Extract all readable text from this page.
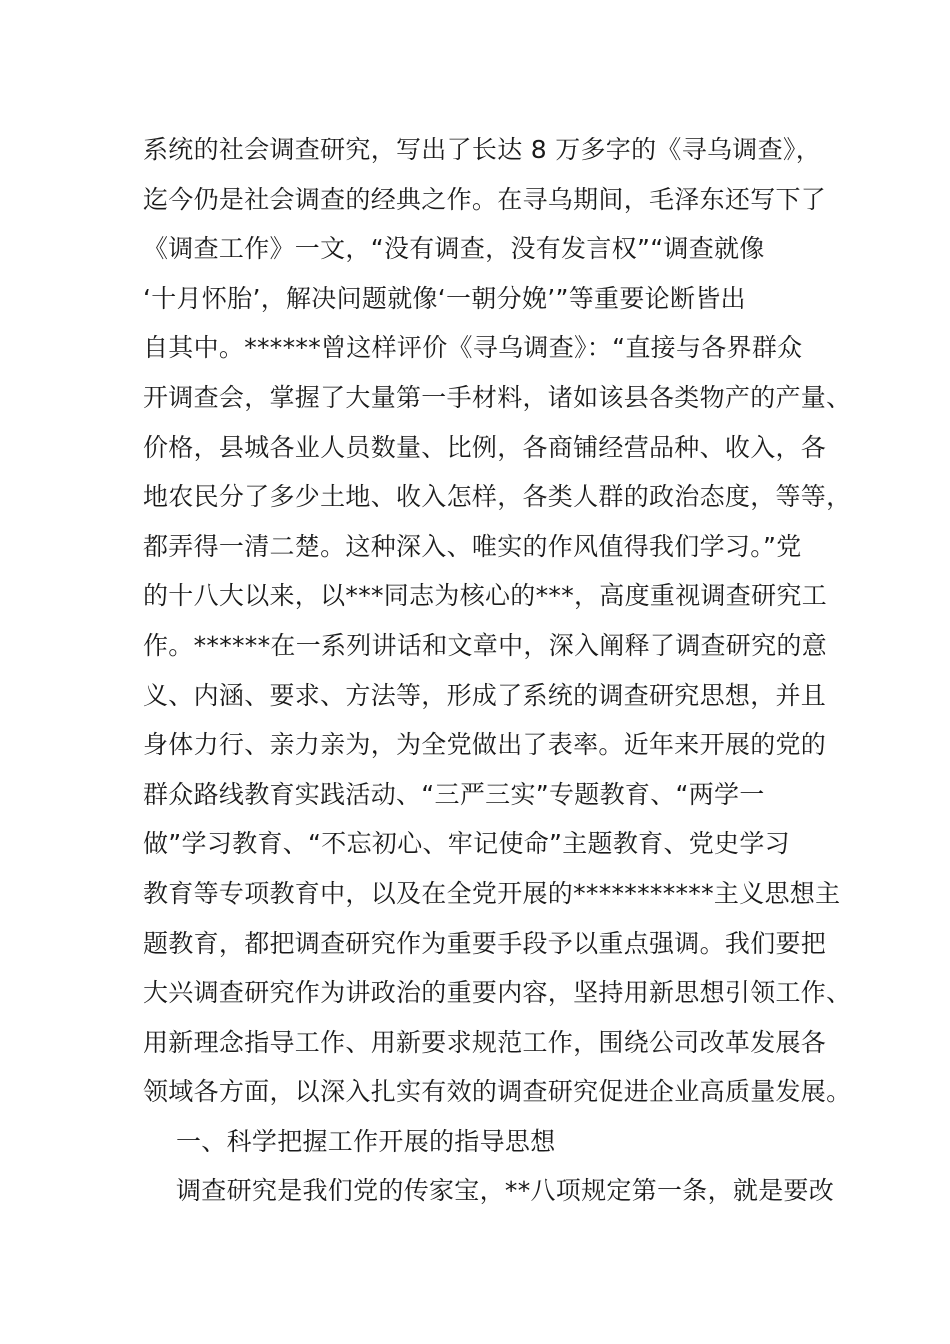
系统的社会调查研究，写出了长达 8 万多字的《寻乌调查》，
迄今仍是社会调查的经典之作。在寻乌期间，毛泽东还写下了
《调查工作》一文，“没有调查，没有发言权”“调查就像
‘十月怀胎’，解决问题就像‘一朝分娩’”等重要论断皆出
自其中。******曾这样评价《寻乌调查》：“直接与各界群众
开调查会，掌握了大量第一手材料，诸如该县各类物产的产量、
价格，县城各业人员数量、比例，各商铺经营品种、收入，各
地农民分了多少土地、收入怎样，各类人群的政治态度，等等，
都弄得一清二楚。这种深入、唯实的作风值得我们学习。”党
的十八大以来，以***同志为核心的***，高度重视调查研究工
作。******在一系列讲话和文章中，深入阐释了调查研究的意
义、内涵、要求、方法等，形成了系统的调查研究思想，并且
身体力行、亲力亲为，为全党做出了表率。近年来开展的党的
群众路线教育实践活动、“三严三实”专题教育、“两学一
做”学习教育、“不忘初心、牢记使命”主题教育、党史学习
教育等专项教育中，以及在全党开展的***********主义思想主
题教育，都把调查研究作为重要手段予以重点强调。我们要把
大兴调查研究作为讲政治的重要内容，坚持用新思想引领工作、
用新理念指导工作、用新要求规范工作，围绕公司改革发展各
领域各方面，以深入扎实有效的调查研究促进企业高质量发展。
一、科学把握工作开展的指导思想
调查研究是我们党的传家宝，**八项规定第一条，就是要改
